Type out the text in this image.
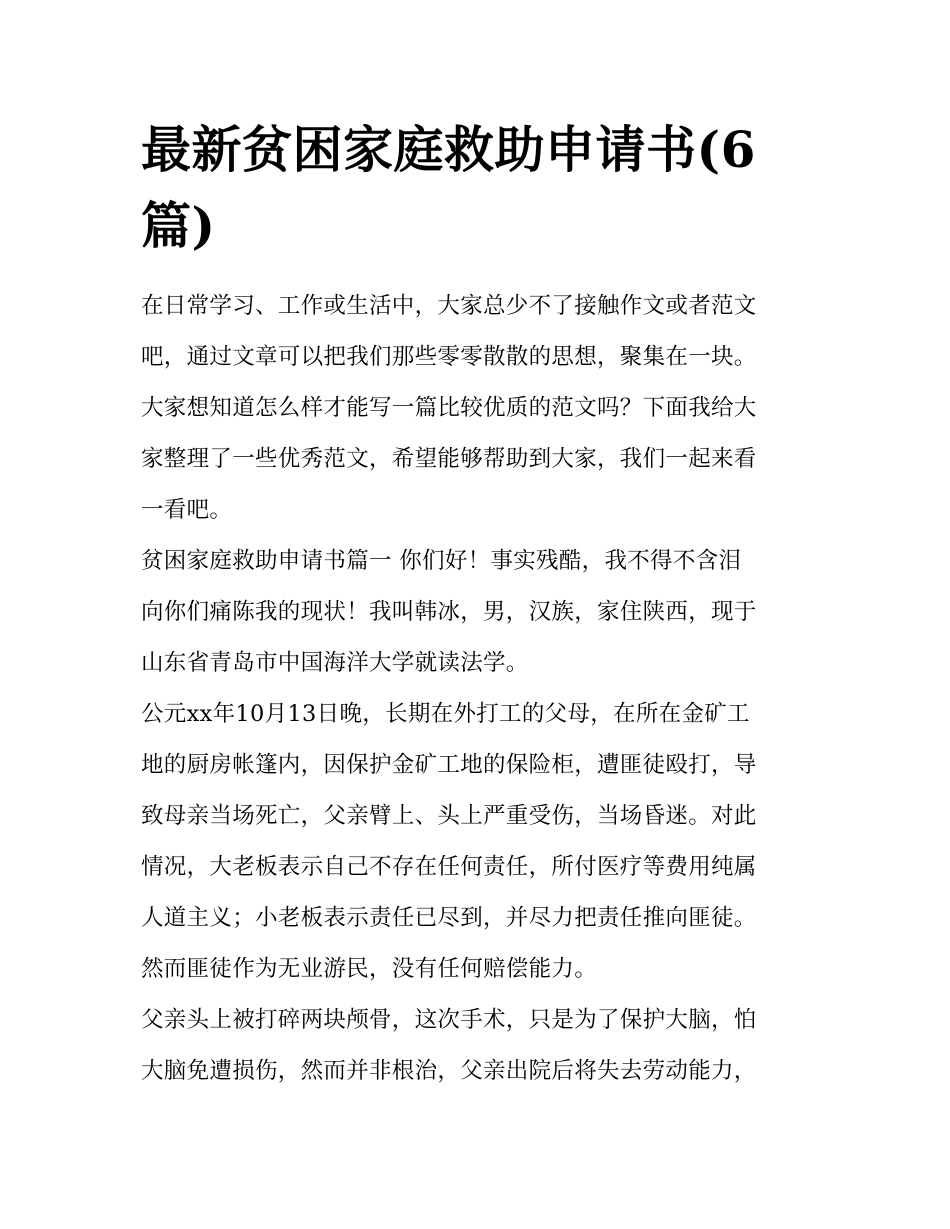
最新贫困家庭救助申请书(6
篇)

在日常学习、工作或生活中，大家总少不了接触作文或者范文
吧，通过文章可以把我们那些零零散散的思想，聚集在一块。
大家想知道怎么样才能写一篇比较优质的范文吗？下面我给大
家整理了一些优秀范文，希望能够帮助到大家，我们一起来看
一看吧。

贫困家庭救助申请书篇一 你们好！事实残酷，我不得不含泪
向你们痛陈我的现状！我叫韩冰，男，汉族，家住陕西，现于
山东省青岛市中国海洋大学就读法学。

公元xx年10月13日晚，长期在外打工的父母，在所在金矿工
地的厨房帐篷内，因保护金矿工地的保险柜，遭匪徒殴打，导
致母亲当场死亡，父亲臂上、头上严重受伤，当场昏迷。对此
情况，大老板表示自己不存在任何责任，所付医疗等费用纯属
人道主义；小老板表示责任已尽到，并尽力把责任推向匪徒。
然而匪徒作为无业游民，没有任何赔偿能力。

父亲头上被打碎两块颅骨，这次手术，只是为了保护大脑，怕
大脑免遭损伤，然而并非根治，父亲出院后将失去劳动能力，
